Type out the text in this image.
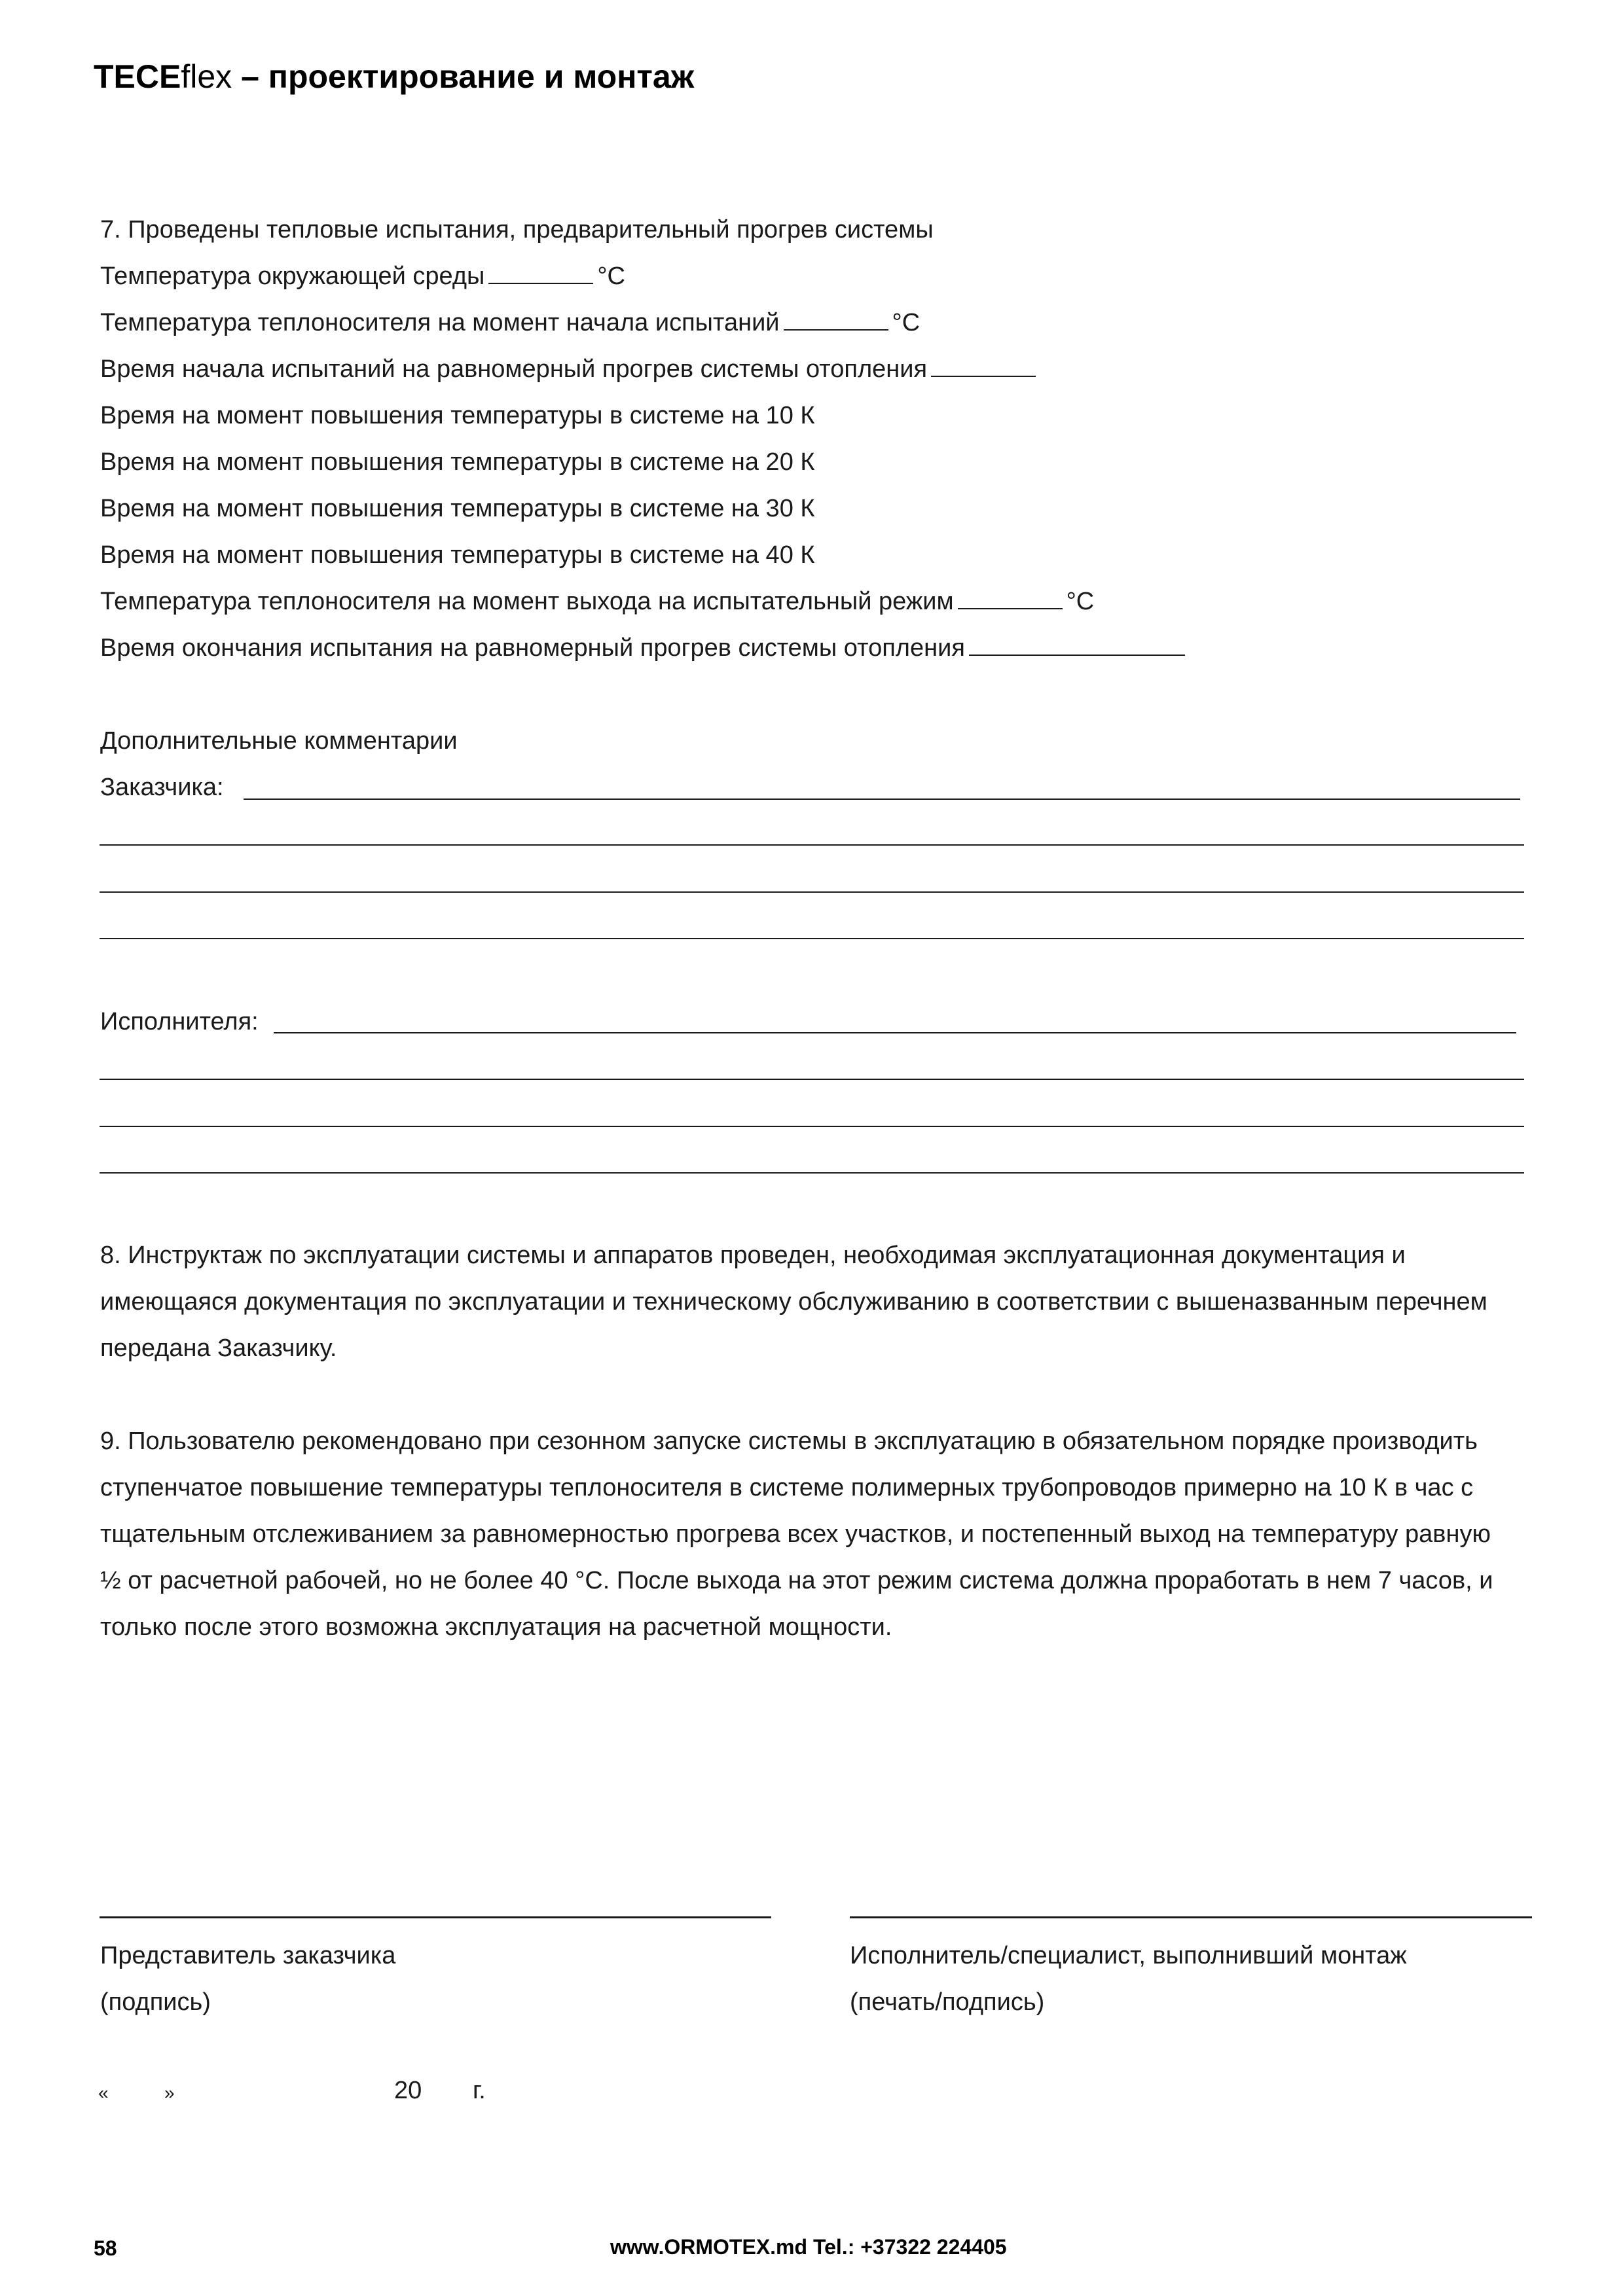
TECEflex – проектирование и монтаж
7. Проведены тепловые испытания, предварительный прогрев системы
Температура окружающей среды	°C
Температура теплоносителя на момент начала испытаний	°C
Время начала испытаний на равномерный прогрев системы отопления
Время на момент повышения температуры в системе на 10 К
Время на момент повышения температуры в системе на 20 К
Время на момент повышения температуры в системе на 30 К
Время на момент повышения температуры в системе на 40 К
Температура теплоносителя на момент выхода на испытательный режим	°C
Время окончания испытания на равномерный прогрев системы отопления
Дополнительные комментарии
Заказчика:
Исполнителя:
8. Инструктаж по эксплуатации системы и аппаратов проведен, необходимая эксплуатационная документация и
имеющаяся документация по эксплуатации и техническому обслуживанию в соответствии с вышеназванным перечнем
передана Заказчику.
9. Пользователю рекомендовано при сезонном запуске системы в эксплуатацию в обязательном порядке производить
ступенчатое повышение температуры теплоносителя в системе полимерных трубопроводов примерно на 10 К в час с
тщательным отслеживанием за равномерностью прогрева всех участков, и постепенный выход на температуру равную
½ от расчетной рабочей, но не более 40 °C. После выхода на этот режим система должна проработать в нем 7 часов, и
только после этого возможна эксплуатация на расчетной мощности.
Представитель заказчика
(подпись)
Исполнитель/специалист, выполнивший монтаж
(печать/подпись)
«	»	20 г.
58	www.ORMOTEX.md Tel.: +37322 224405
